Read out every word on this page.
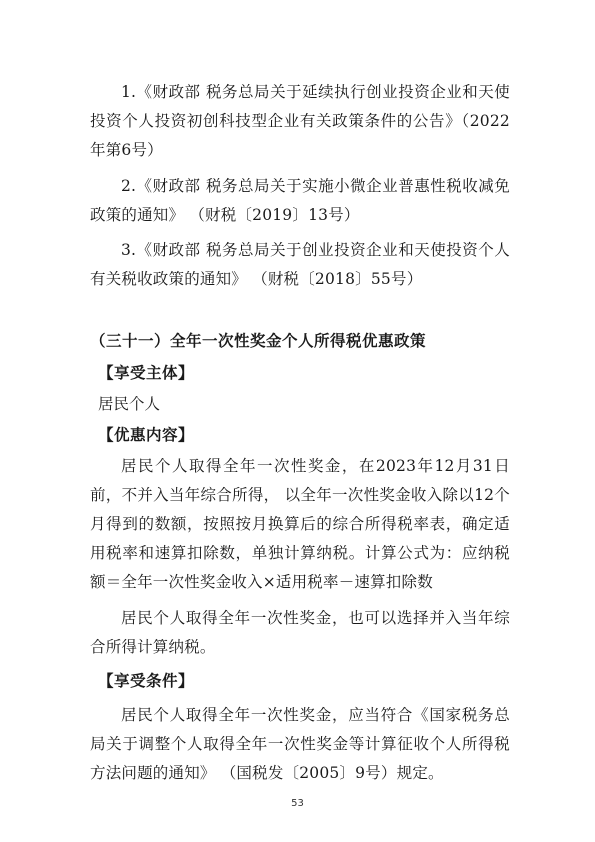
1.《财政部 税务总局关于延续执行创业投资企业和天使投资个人投资初创科技型企业有关政策条件的公告》（2022年第6号）

2.《财政部 税务总局关于实施小微企业普惠性税收减免政策的通知》 （财税〔2019〕13号）

3.《财政部 税务总局关于创业投资企业和天使投资个人有关税收政策的通知》 （财税〔2018〕55号）

（三十一）全年一次性奖金个人所得税优惠政策

【享受主体】

居民个人

【优惠内容】

居民个人取得全年一次性奖金，在2023年12月31日前，不并入当年综合所得， 以全年一次性奖金收入除以12个月得到的数额，按照按月换算后的综合所得税率表，确定适用税率和速算扣除数，单独计算纳税。计算公式为：应纳税额＝全年一次性奖金收入×适用税率－速算扣除数

居民个人取得全年一次性奖金，也可以选择并入当年综合所得计算纳税。

【享受条件】

居民个人取得全年一次性奖金，应当符合《国家税务总局关于调整个人取得全年一次性奖金等计算征收个人所得税方法问题的通知》 （国税发〔2005〕9号）规定。

53
